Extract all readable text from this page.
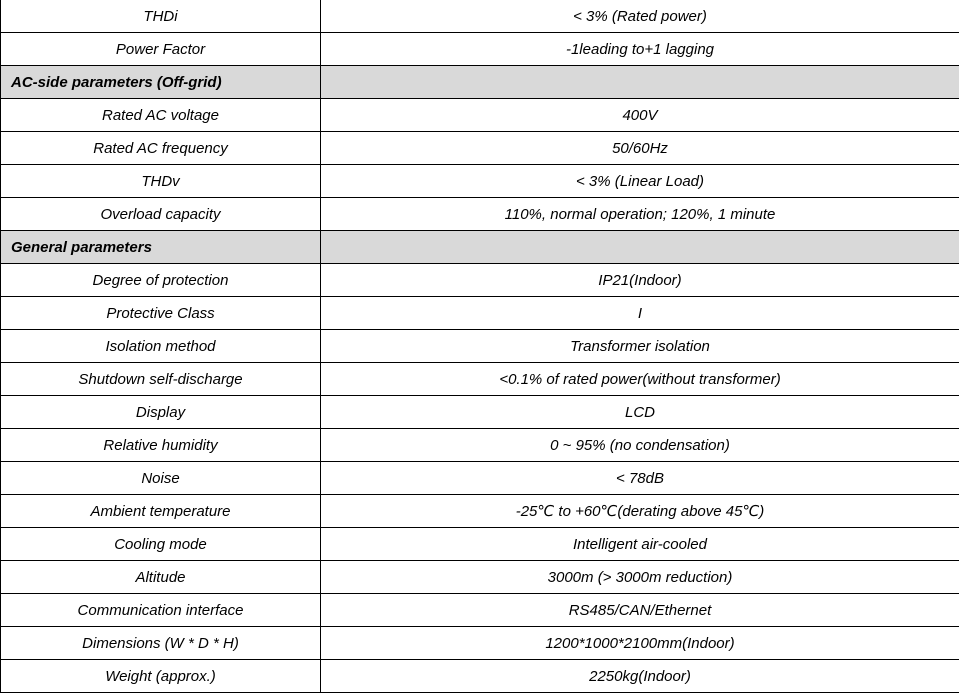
THDi	< 3% (Rated power)
Power Factor	-1leading to+1 lagging
AC-side parameters (Off-grid)	
Rated AC voltage	400V
Rated AC frequency	50/60Hz
THDv	< 3% (Linear Load)
Overload capacity	110%, normal operation; 120%, 1 minute
General parameters	
Degree of protection	IP21(Indoor)
Protective Class	I
Isolation method	Transformer isolation
Shutdown self-discharge	<0.1% of rated power(without transformer)
Display	LCD
Relative humidity	0 ~ 95% (no condensation)
Noise	< 78dB
Ambient temperature	-25℃ to +60℃(derating above 45℃)
Cooling mode	Intelligent air-cooled
Altitude	3000m (> 3000m reduction)
Communication interface	RS485/CAN/Ethernet
Dimensions (W * D * H)	1200*1000*2100mm(Indoor)
Weight (approx.)	2250kg(Indoor)
